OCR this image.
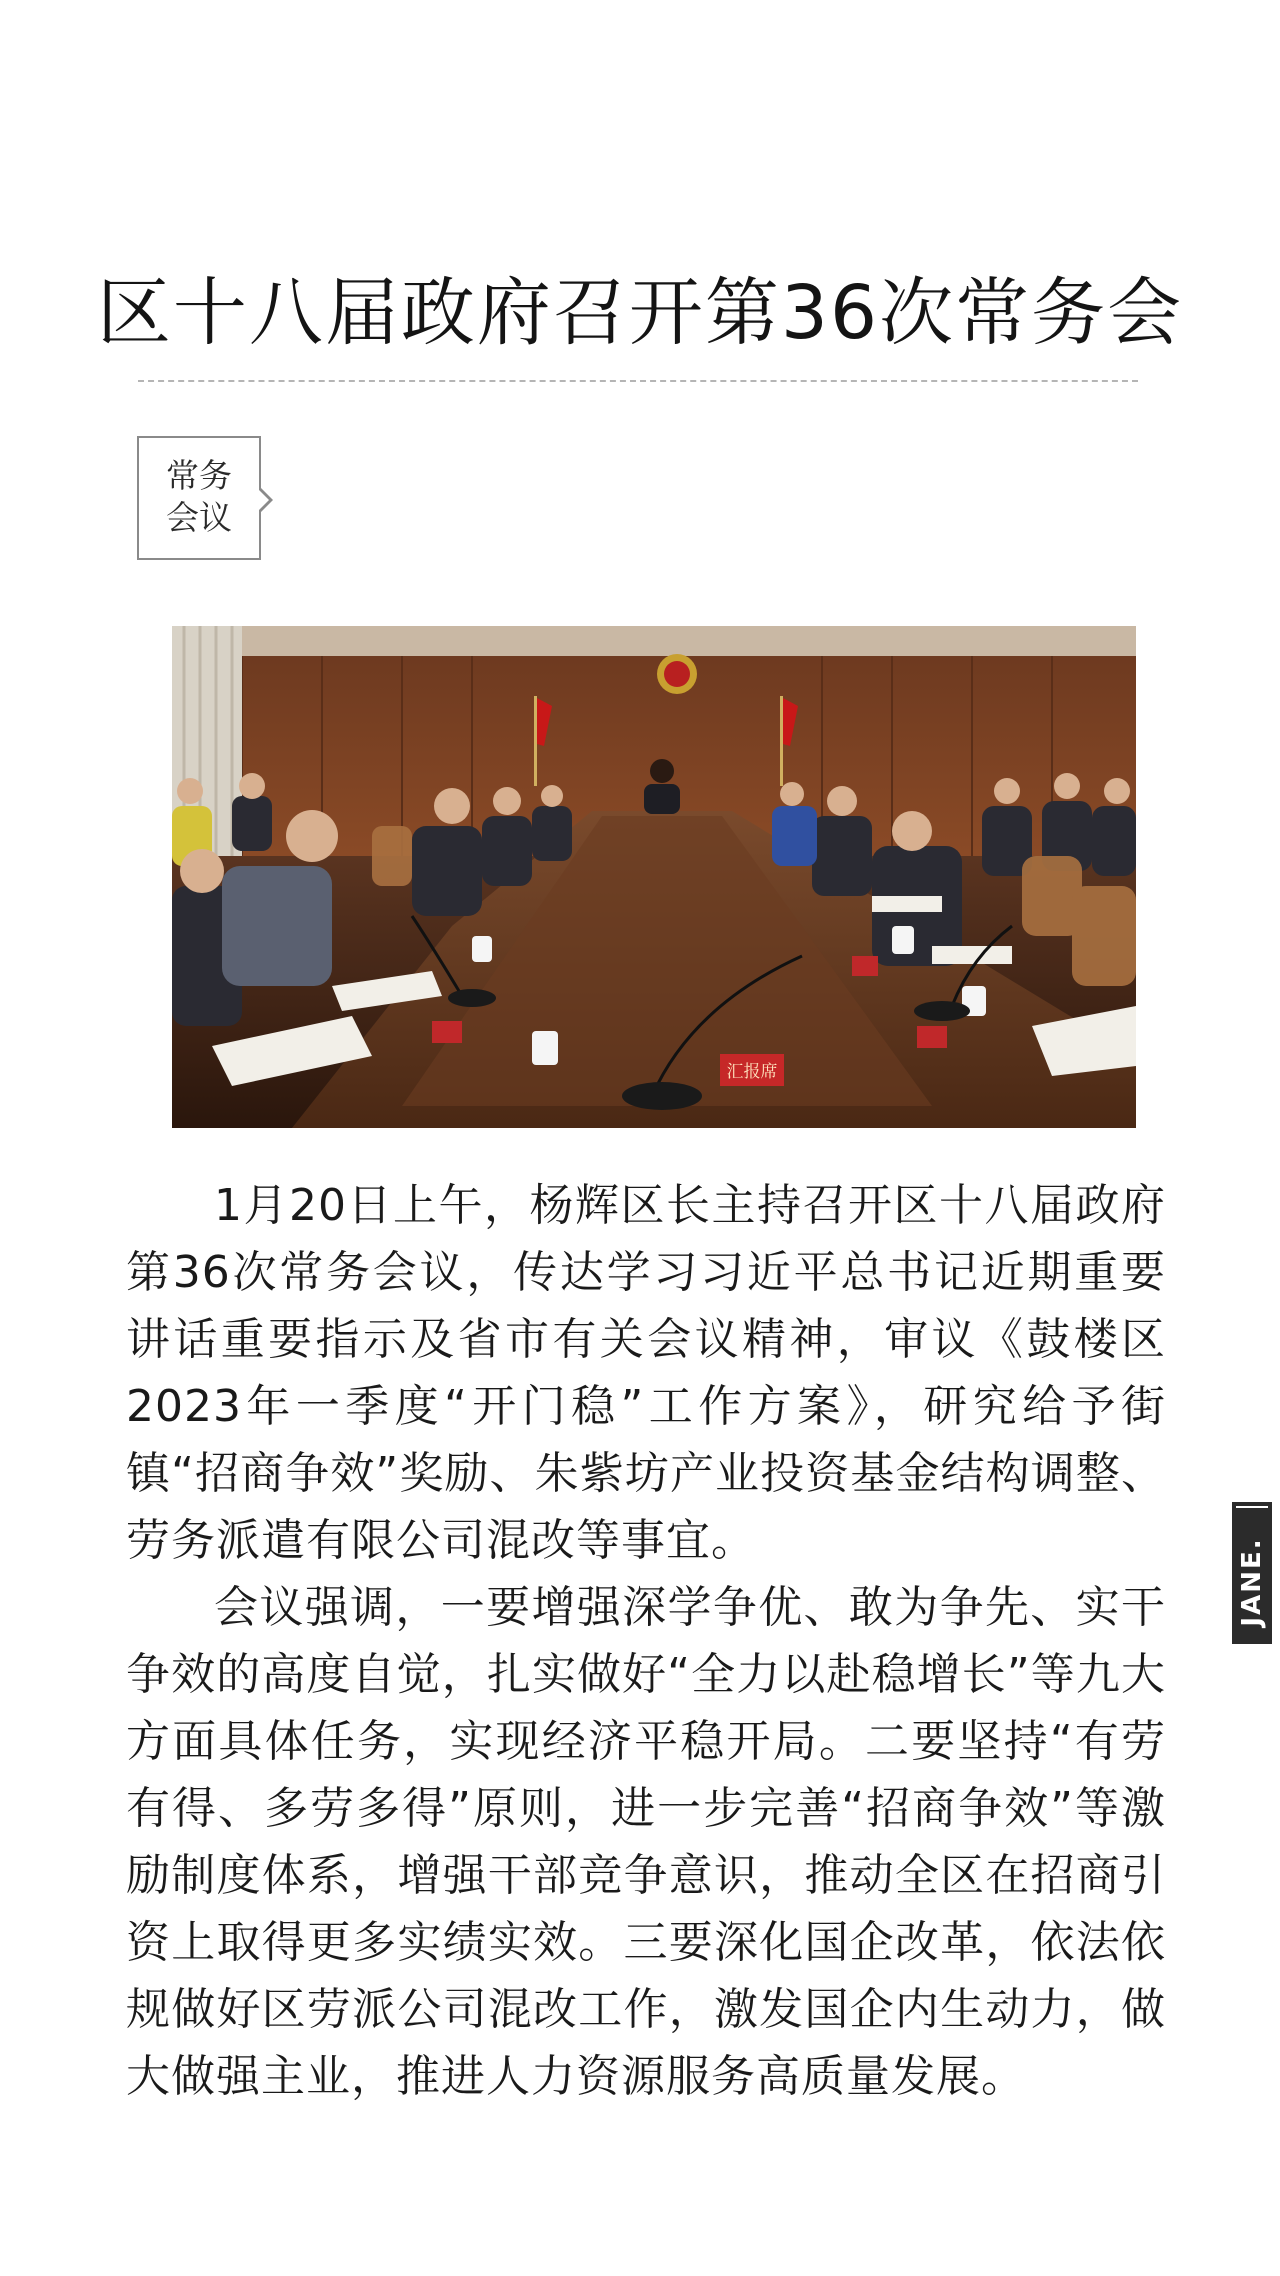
区十八届政府召开第36次常务会
常务
会议
汇报席

1月20日上午，杨辉区长主持召开区十八届政府第36次常务会议，传达学习习近平总书记近期重要讲话重要指示及省市有关会议精神，审议《鼓楼区2023年一季度“开门稳”工作方案》，研究给予街镇“招商争效”奖励、朱紫坊产业投资基金结构调整、劳务派遣有限公司混改等事宜。

会议强调，一要增强深学争优、敢为争先、实干争效的高度自觉，扎实做好“全力以赴稳增长”等九大方面具体任务，实现经济平稳开局。二要坚持“有劳有得、多劳多得”原则，进一步完善“招商争效”等激励制度体系，增强干部竞争意识，推动全区在招商引资上取得更多实绩实效。三要深化国企改革，依法依规做好区劳派公司混改工作，激发国企内生动力，做大做强主业，推进人力资源服务高质量发展。

JANE.
